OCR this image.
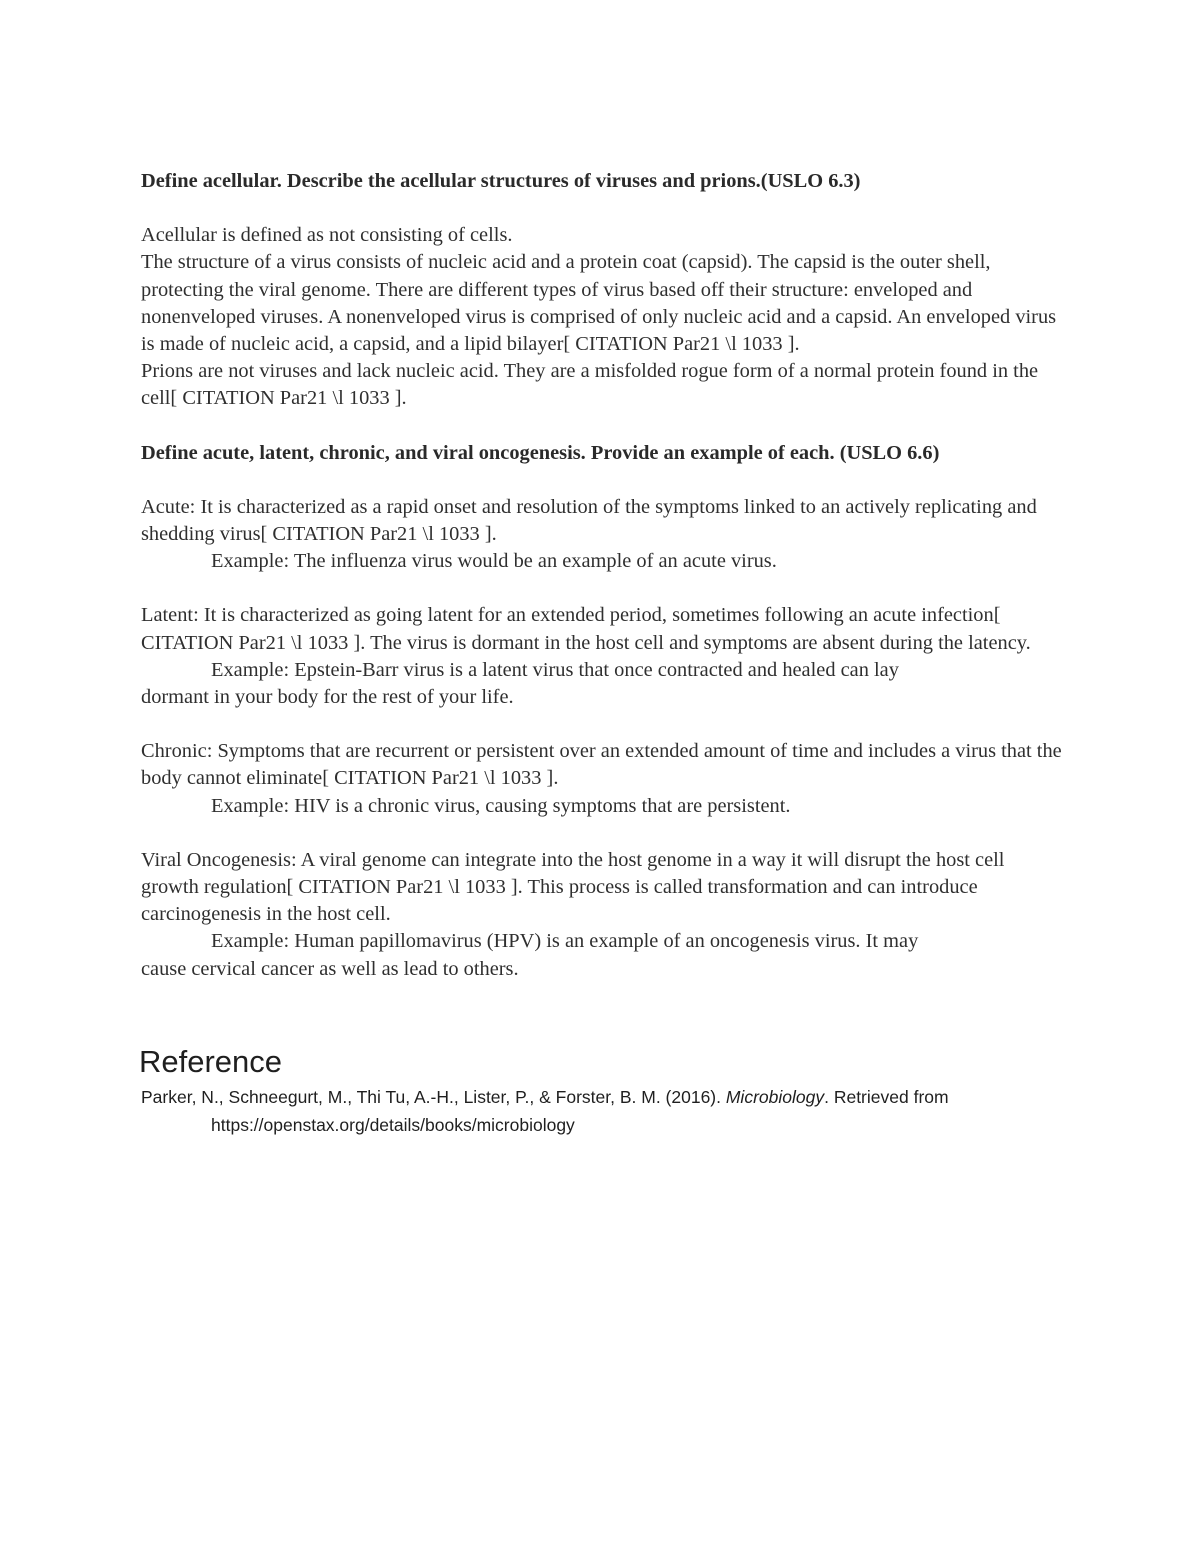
Define acellular. Describe the acellular structures of viruses and prions.(USLO 6.3)

Acellular is defined as not consisting of cells.

The structure of a virus consists of nucleic acid and a protein coat (capsid). The capsid is the outer shell, protecting the viral genome. There are different types of virus based off their structure: enveloped and nonenveloped viruses. A nonenveloped virus is comprised of only nucleic acid and a capsid. An enveloped virus is made of nucleic acid, a capsid, and a lipid bilayer[ CITATION Par21 \l 1033 ].

Prions are not viruses and lack nucleic acid. They are a misfolded rogue form of a normal protein found in the cell[ CITATION Par21 \l 1033 ].

Define acute, latent, chronic, and viral oncogenesis. Provide an example of each. (USLO 6.6)

Acute: It is characterized as a rapid onset and resolution of the symptoms linked to an actively replicating and shedding virus[ CITATION Par21 \l 1033 ].

Example: The influenza virus would be an example of an acute virus.

Latent: It is characterized as going latent for an extended period, sometimes following an acute infection[ CITATION Par21 \l 1033 ]. The virus is dormant in the host cell and symptoms are absent during the latency.

Example: Epstein-Barr virus is a latent virus that once contracted and healed can lay

dormant in your body for the rest of your life.

Chronic: Symptoms that are recurrent or persistent over an extended amount of time and includes a virus that the body cannot eliminate[ CITATION Par21 \l 1033 ].

Example: HIV is a chronic virus, causing symptoms that are persistent.

Viral Oncogenesis: A viral genome can integrate into the host genome in a way it will disrupt the host cell growth regulation[ CITATION Par21 \l 1033 ]. This process is called transformation and can introduce carcinogenesis in the host cell.

Example: Human papillomavirus (HPV) is an example of an oncogenesis virus. It may

cause cervical cancer as well as lead to others.

Reference

Parker, N., Schneegurt, M., Thi Tu, A.-H., Lister, P., & Forster, B. M. (2016). Microbiology. Retrieved from https://openstax.org/details/books/microbiology
